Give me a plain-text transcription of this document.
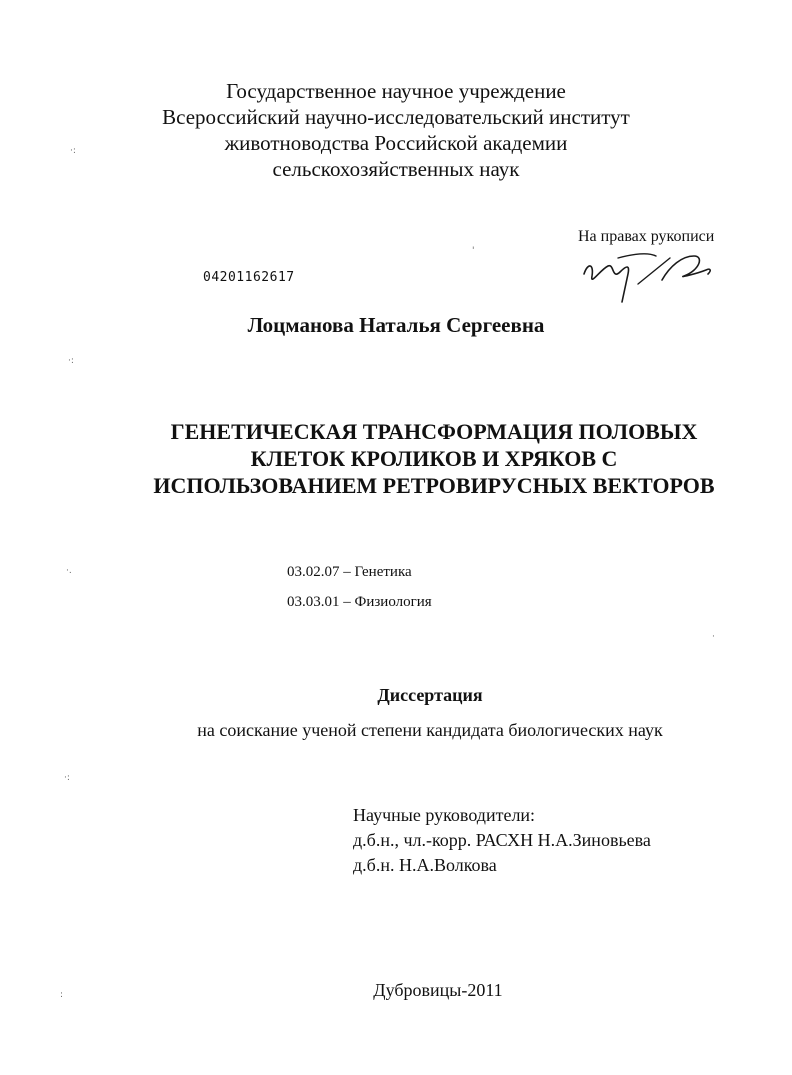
Государственное научное учреждение
Всероссийский научно-исследовательский институт
животноводства Российской академии
сельскохозяйственных наук
На правах рукописи
04201162617
Лоцманова Наталья Сергеевна
ГЕНЕТИЧЕСКАЯ ТРАНСФОРМАЦИЯ ПОЛОВЫХ
КЛЕТОК КРОЛИКОВ И ХРЯКОВ С
ИСПОЛЬЗОВАНИЕМ РЕТРОВИРУСНЫХ ВЕКТОРОВ
03.02.07 – Генетика
03.03.01 – Физиология
Диссертация
на соискание ученой степени кандидата биологических наук
Научные руководители:
д.б.н., чл.-корр. РАСХН Н.А.Зиновьева
д.б.н. Н.А.Волкова
Дубровицы-2011
·:
·:
·.
·:
:
'
·
